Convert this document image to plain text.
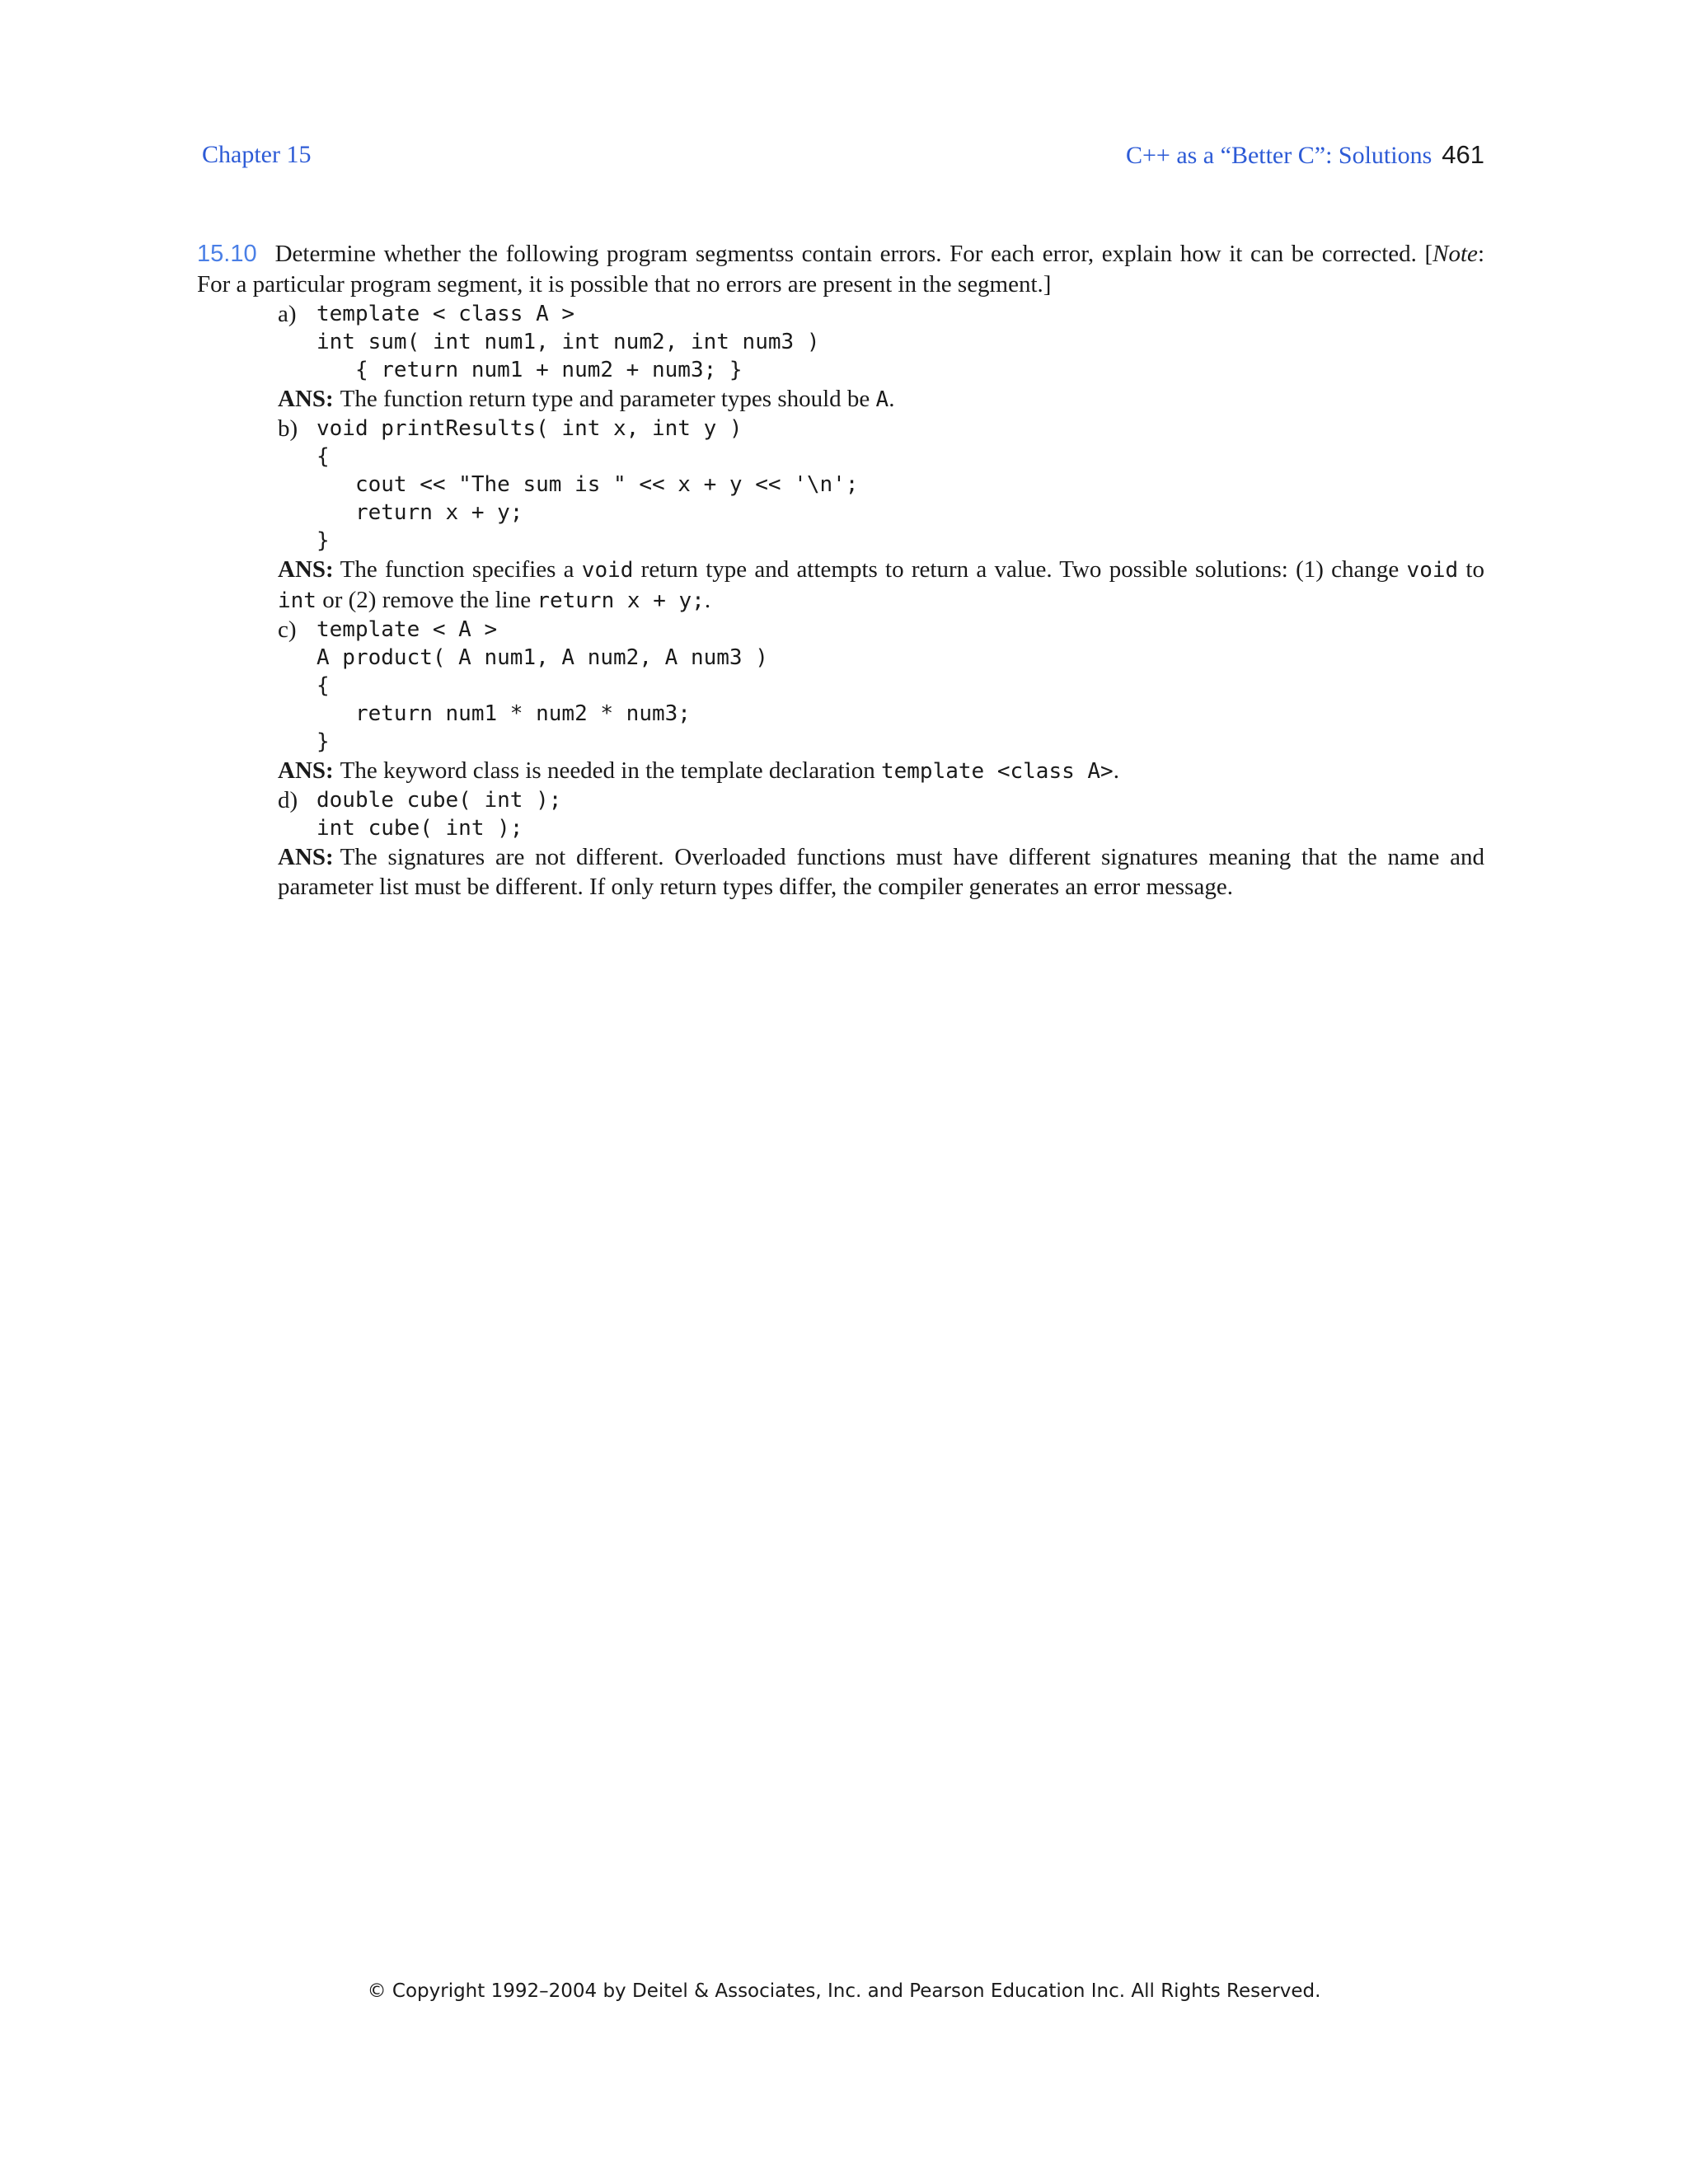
Chapter 15	C++ as a “Better C”: Solutions 461
15.10 Determine whether the following program segmentss contain errors. For each error, explain how it can be corrected. [Note: For a particular program segment, it is possible that no errors are present in the segment.]
a) template < class A >
int sum( int num1, int num2, int num3 )
{ return num1 + num2 + num3; }
ANS: The function return type and parameter types should be A.
b) void printResults( int x, int y )
{
cout << "The sum is " << x + y << '\n';
return x + y;
}
ANS: The function specifies a void return type and attempts to return a value. Two possible solutions: (1) change void to int or (2) remove the line return x + y;.
c) template < A >
A product( A num1, A num2, A num3 )
{
return num1 * num2 * num3;
}
ANS: The keyword class is needed in the template declaration template <class A>.
d) double cube( int );
int cube( int );
ANS: The signatures are not different. Overloaded functions must have different signatures meaning that the name and parameter list must be different. If only return types differ, the compiler generates an error message.
© Copyright 1992–2004 by Deitel & Associates, Inc. and Pearson Education Inc. All Rights Reserved.
